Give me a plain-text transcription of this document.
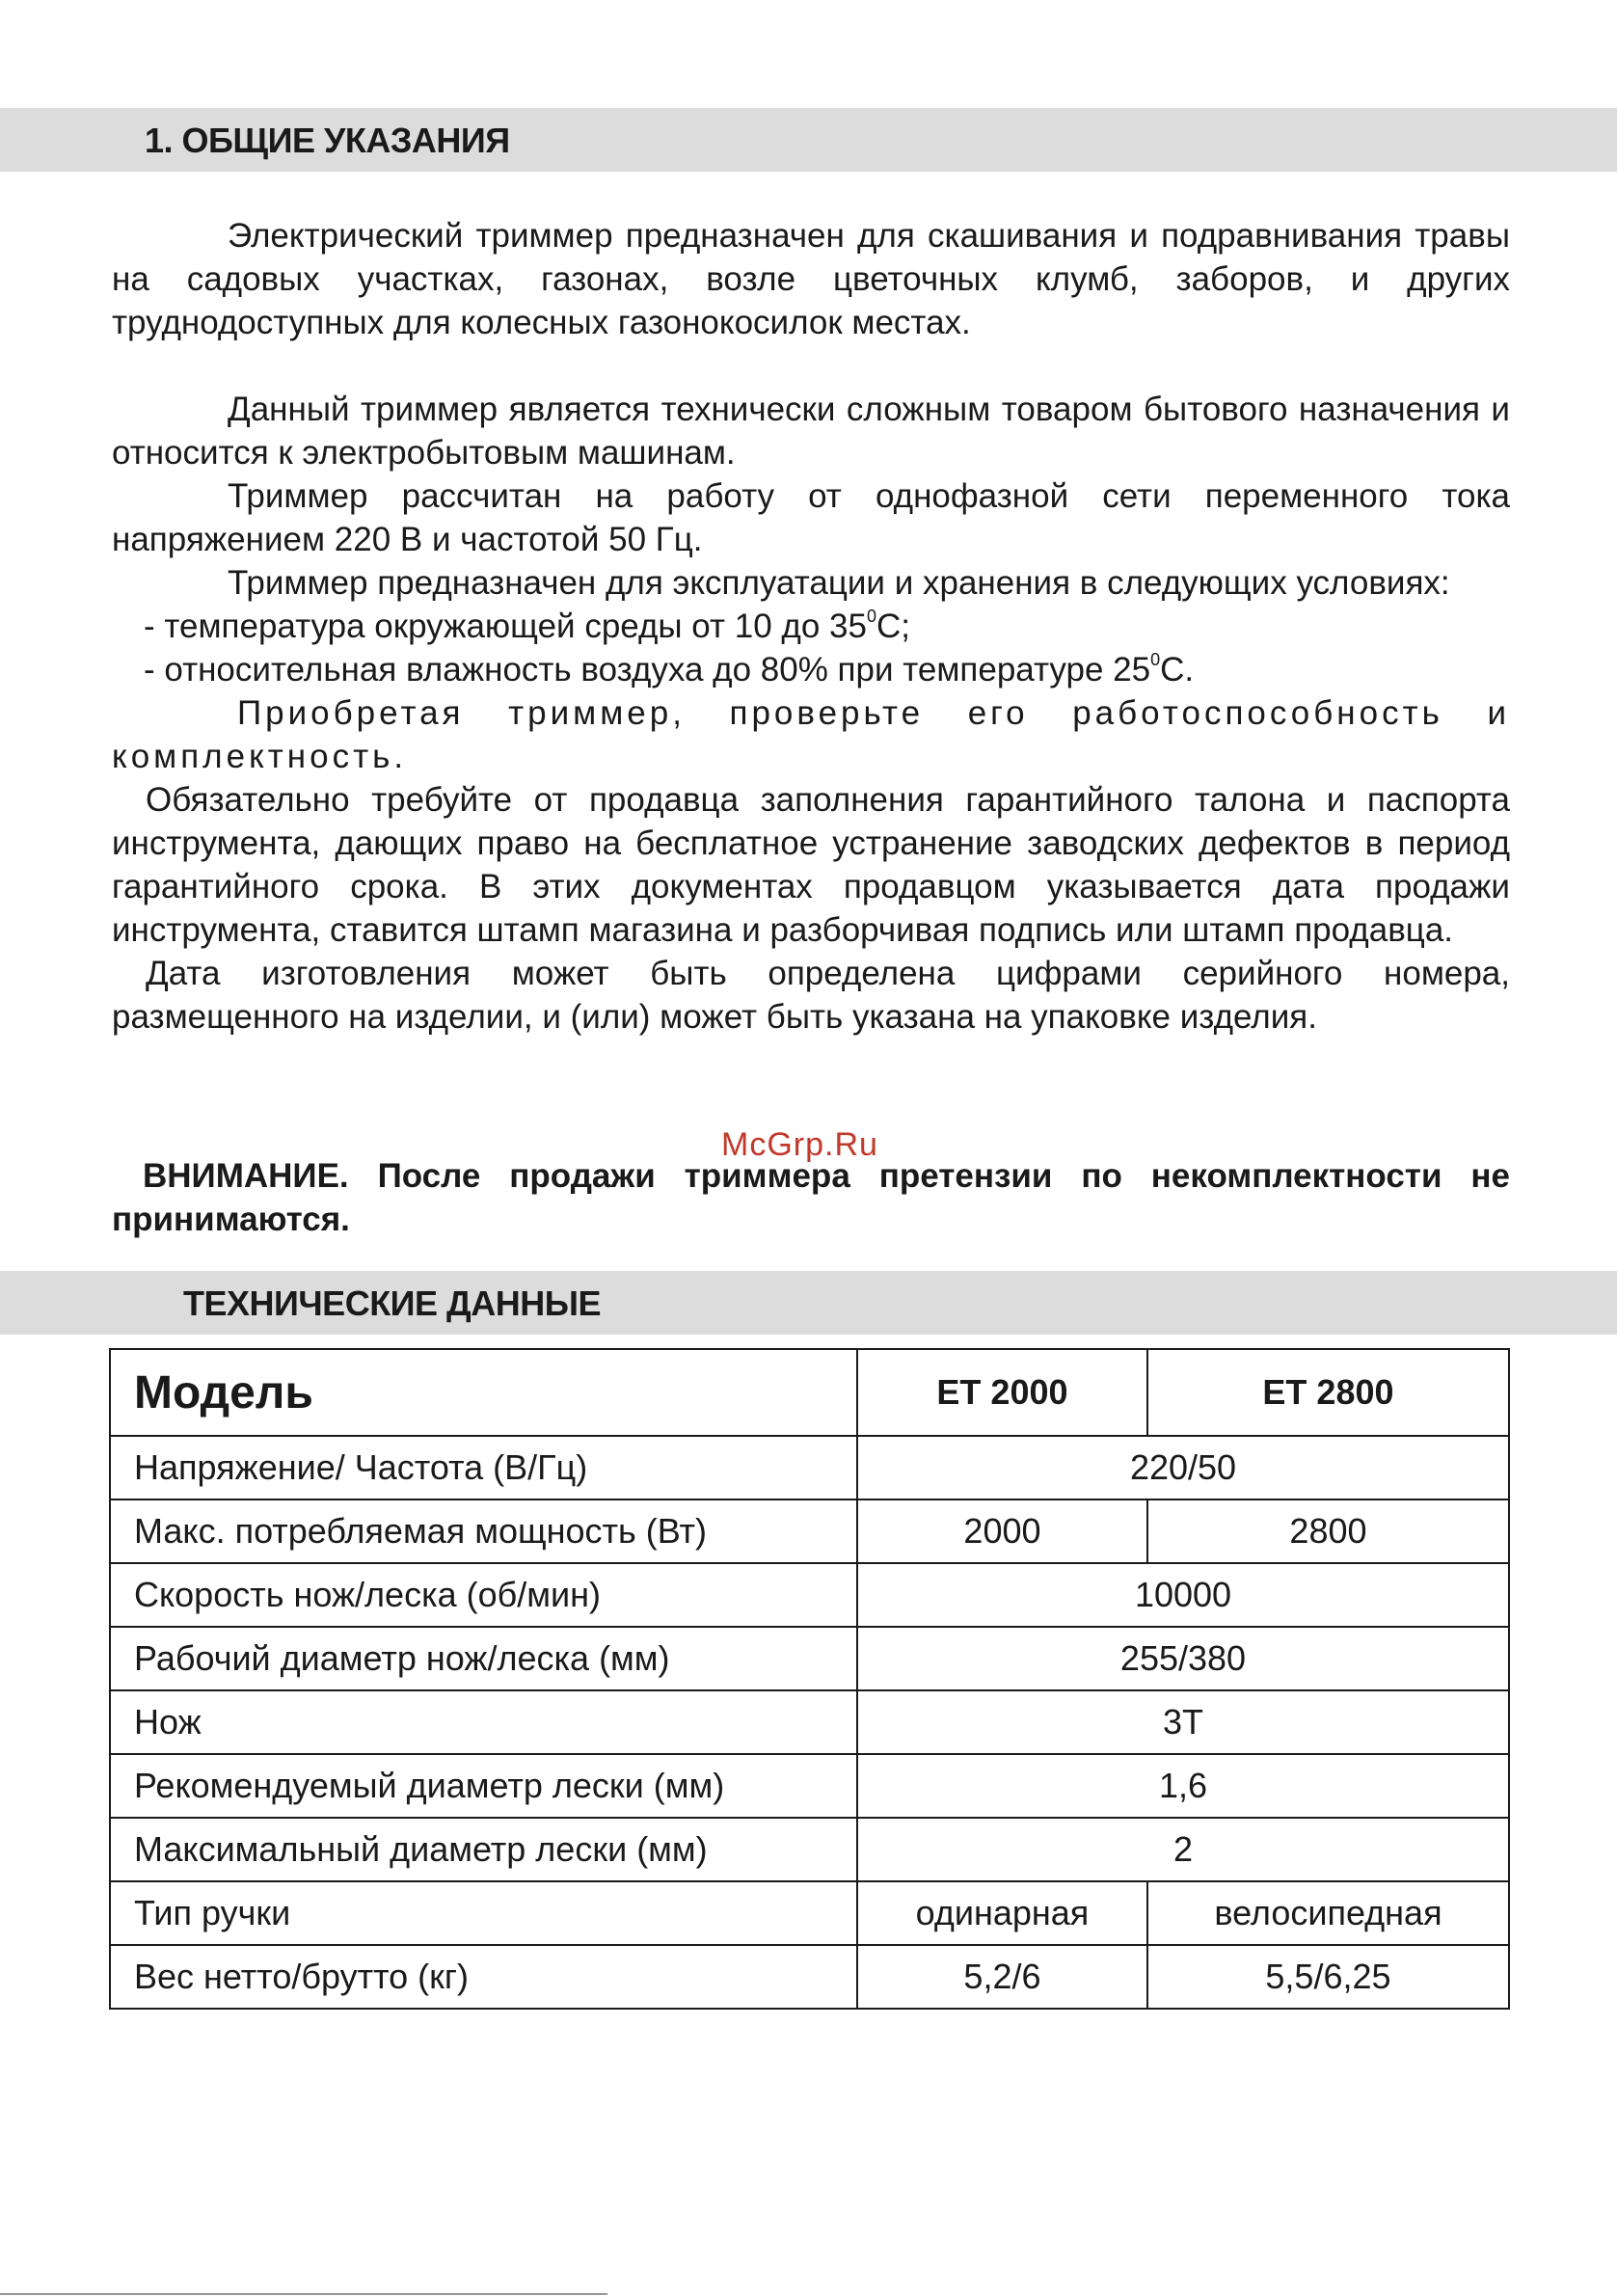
1. ОБЩИЕ УКАЗАНИЯ

Электрический триммер предназначен для скашивания и подравнивания травы на садовых участках, газонах, возле цветочных клумб, заборов, и других труднодоступных для колесных газонокосилок местах.

Данный триммер является технически сложным товаром бытового назначения и относится к электробытовым машинам.

Триммер рассчитан на работу от однофазной сети переменного тока напряжением 220 В и частотой 50 Гц.

Триммер предназначен для эксплуатации и хранения в следующих условиях:

- температура окружающей среды от 10 до $35^0С$;

- относительная влажность воздуха до 80% при температуре $25^0С$.

Приобретая триммер, проверьте его работоспособность и комплектность.

Обязательно требуйте от продавца заполнения гарантийного талона и паспорта инструмента, дающих право на бесплатное устранение заводских дефектов в период гарантийного срока. В этих документах продавцом указывается дата продажи инструмента, ставится штамп магазина и разборчивая подпись или штамп продавца.

Дата изготовления может быть определена цифрами серийного номера, размещенного на изделии, и (или) может быть указана на упаковке изделия.

McGrp.Ru
ВНИМАНИЕ. После продажи триммера претензии по некомплектности не принимаются.
ТЕХНИЧЕСКИЕ ДАННЫЕ
Модель	ЕТ 2000	ЕТ 2800
Напряжение/ Частота (В/Гц)	220/50	
Макс. потребляемая мощность (Вт)	2000	2800
Скорость нож/леска (об/мин)	10000	
Рабочий диаметр нож/леска (мм)	255/380	
Нож	3Т	
Рекомендуемый диаметр лески (мм)	1,6	
Максимальный диаметр лески (мм)	2	
Тип ручки	одинарная	велосипедная
Вес нетто/брутто (кг)	5,2/6	5,5/6,25
